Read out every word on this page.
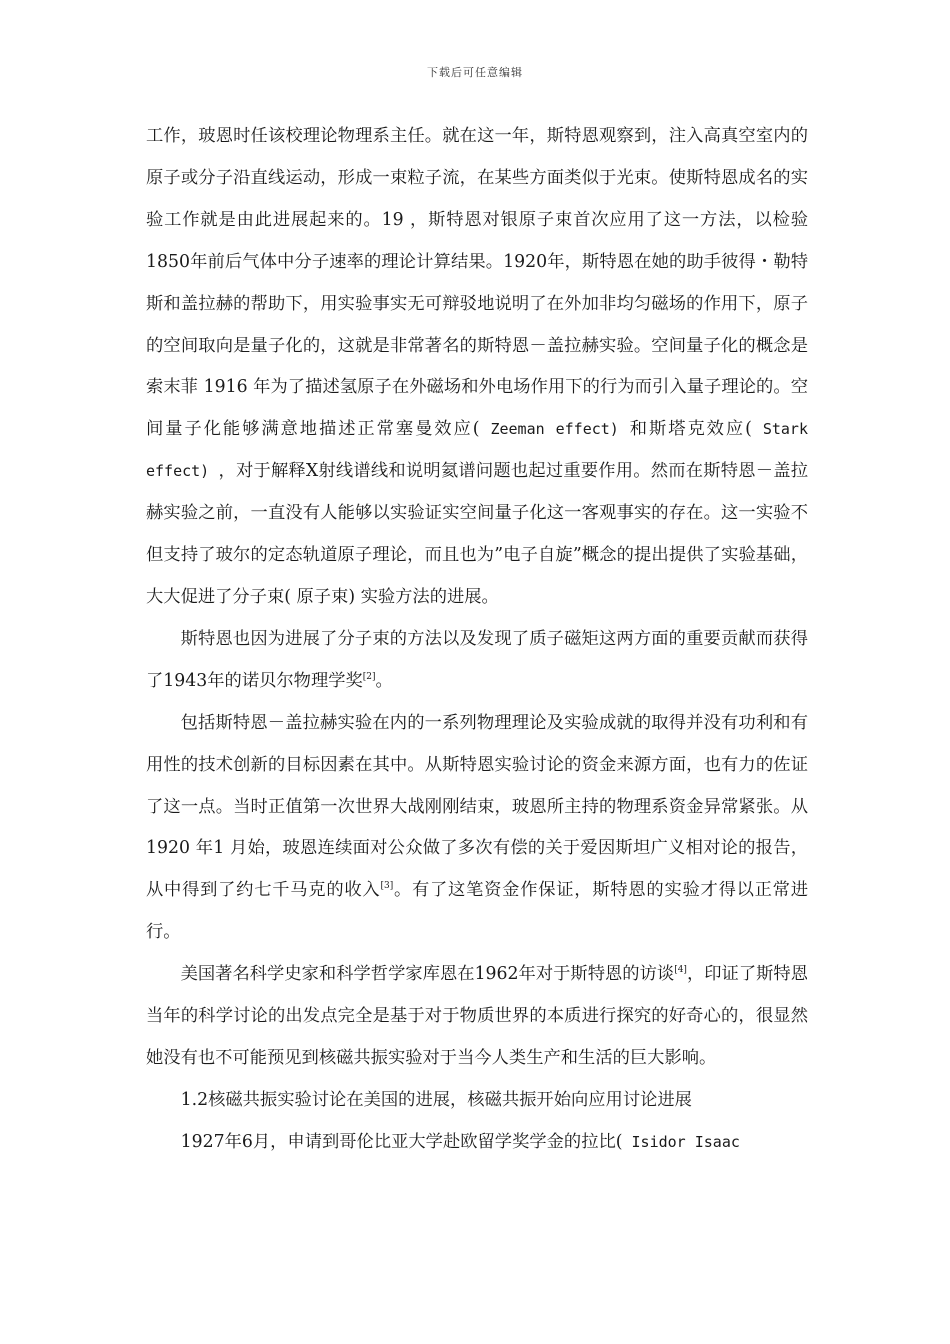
下载后可任意编辑

工作，玻恩时任该校理论物理系主任。就在这一年，斯特恩观察到，注入高真空室内的原子或分子沿直线运动，形成一束粒子流，在某些方面类似于光束。使斯特恩成名的实验工作就是由此进展起来的。19 ，斯特恩对银原子束首次应用了这一方法，以检验1850年前后气体中分子速率的理论计算结果。1920年，斯特恩在她的助手彼得・勒特斯和盖拉赫的帮助下，用实验事实无可辩驳地说明了在外加非均匀磁场的作用下，原子的空间取向是量子化的，这就是非常著名的斯特恩－盖拉赫实验。空间量子化的概念是索末菲 1916 年为了描述氢原子在外磁场和外电场作用下的行为而引入量子理论的。空间量子化能够满意地描述正常塞曼效应( Zeeman effect) 和斯塔克效应( Stark effect) ，对于解释X射线谱线和说明氦谱问题也起过重要作用。然而在斯特恩－盖拉赫实验之前，一直没有人能够以实验证实空间量子化这一客观事实的存在。这一实验不但支持了玻尔的定态轨道原子理论，而且也为”电子自旋”概念的提出提供了实验基础，大大促进了分子束( 原子束) 实验方法的进展。

斯特恩也因为进展了分子束的方法以及发现了质子磁矩这两方面的重要贡献而获得了1943年的诺贝尔物理学奖[2]。

包括斯特恩－盖拉赫实验在内的一系列物理理论及实验成就的取得并没有功利和有用性的技术创新的目标因素在其中。从斯特恩实验讨论的资金来源方面，也有力的佐证了这一点。当时正值第一次世界大战刚刚结束，玻恩所主持的物理系资金异常紧张。从1920 年1 月始，玻恩连续面对公众做了多次有偿的关于爱因斯坦广义相对论的报告，从中得到了约七千马克的收入[3]。有了这笔资金作保证，斯特恩的实验才得以正常进行。

美国著名科学史家和科学哲学家库恩在1962年对于斯特恩的访谈[4]，印证了斯特恩当年的科学讨论的出发点完全是基于对于物质世界的本质进行探究的好奇心的，很显然她没有也不可能预见到核磁共振实验对于当今人类生产和生活的巨大影响。

1.2核磁共振实验讨论在美国的进展，核磁共振开始向应用讨论进展

1927年6月，申请到哥伦比亚大学赴欧留学奖学金的拉比( Isidor Isaac
